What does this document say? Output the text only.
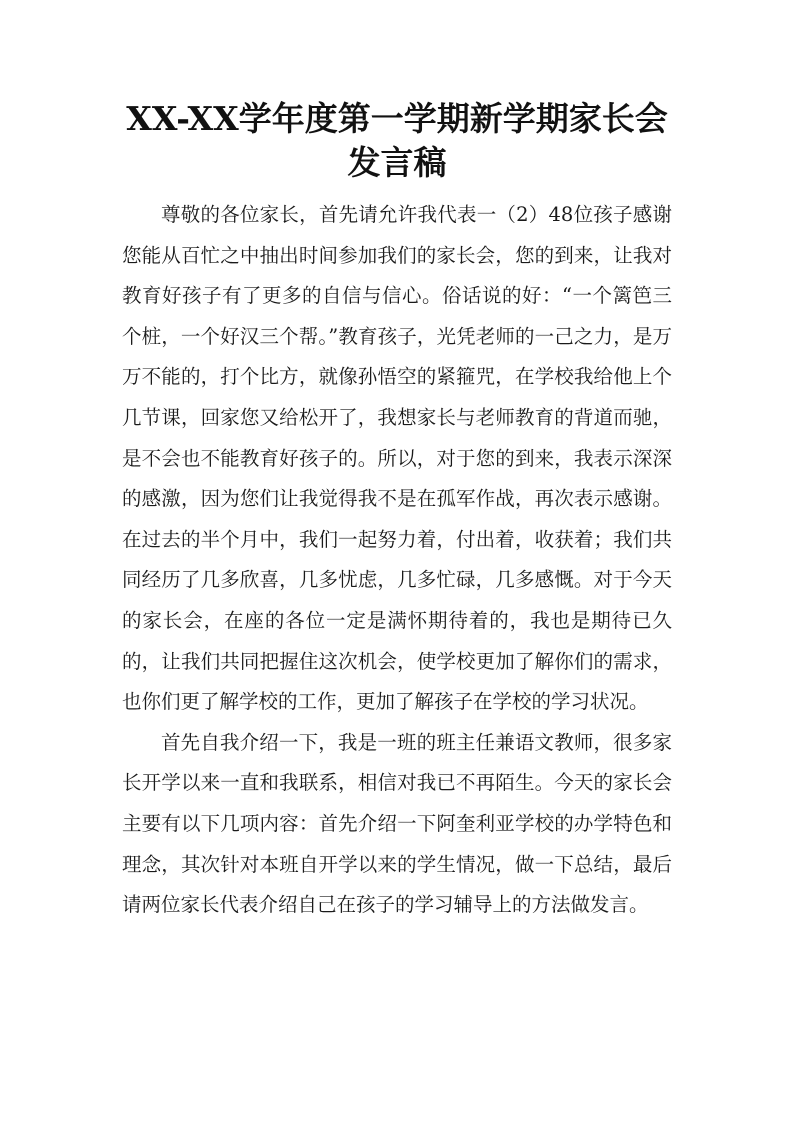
XX-XX学年度第一学期新学期家长会发言稿

尊敬的各位家长，首先请允许我代表一（2）48位孩子感谢您能从百忙之中抽出时间参加我们的家长会，您的到来，让我对教育好孩子有了更多的自信与信心。俗话说的好：“一个篱笆三个桩，一个好汉三个帮。”教育孩子，光凭老师的一己之力，是万万不能的，打个比方，就像孙悟空的紧箍咒，在学校我给他上个几节课，回家您又给松开了，我想家长与老师教育的背道而驰，是不会也不能教育好孩子的。所以，对于您的到来，我表示深深的感激，因为您们让我觉得我不是在孤军作战，再次表示感谢。在过去的半个月中，我们一起努力着，付出着，收获着；我们共同经历了几多欣喜，几多忧虑，几多忙碌，几多感慨。对于今天的家长会，在座的各位一定是满怀期待着的，我也是期待已久的，让我们共同把握住这次机会，使学校更加了解你们的需求，也你们更了解学校的工作，更加了解孩子在学校的学习状况。

首先自我介绍一下，我是一班的班主任兼语文教师，很多家长开学以来一直和我联系，相信对我已不再陌生。今天的家长会主要有以下几项内容：首先介绍一下阿奎利亚学校的办学特色和理念，其次针对本班自开学以来的学生情况，做一下总结，最后请两位家长代表介绍自己在孩子的学习辅导上的方法做发言。
